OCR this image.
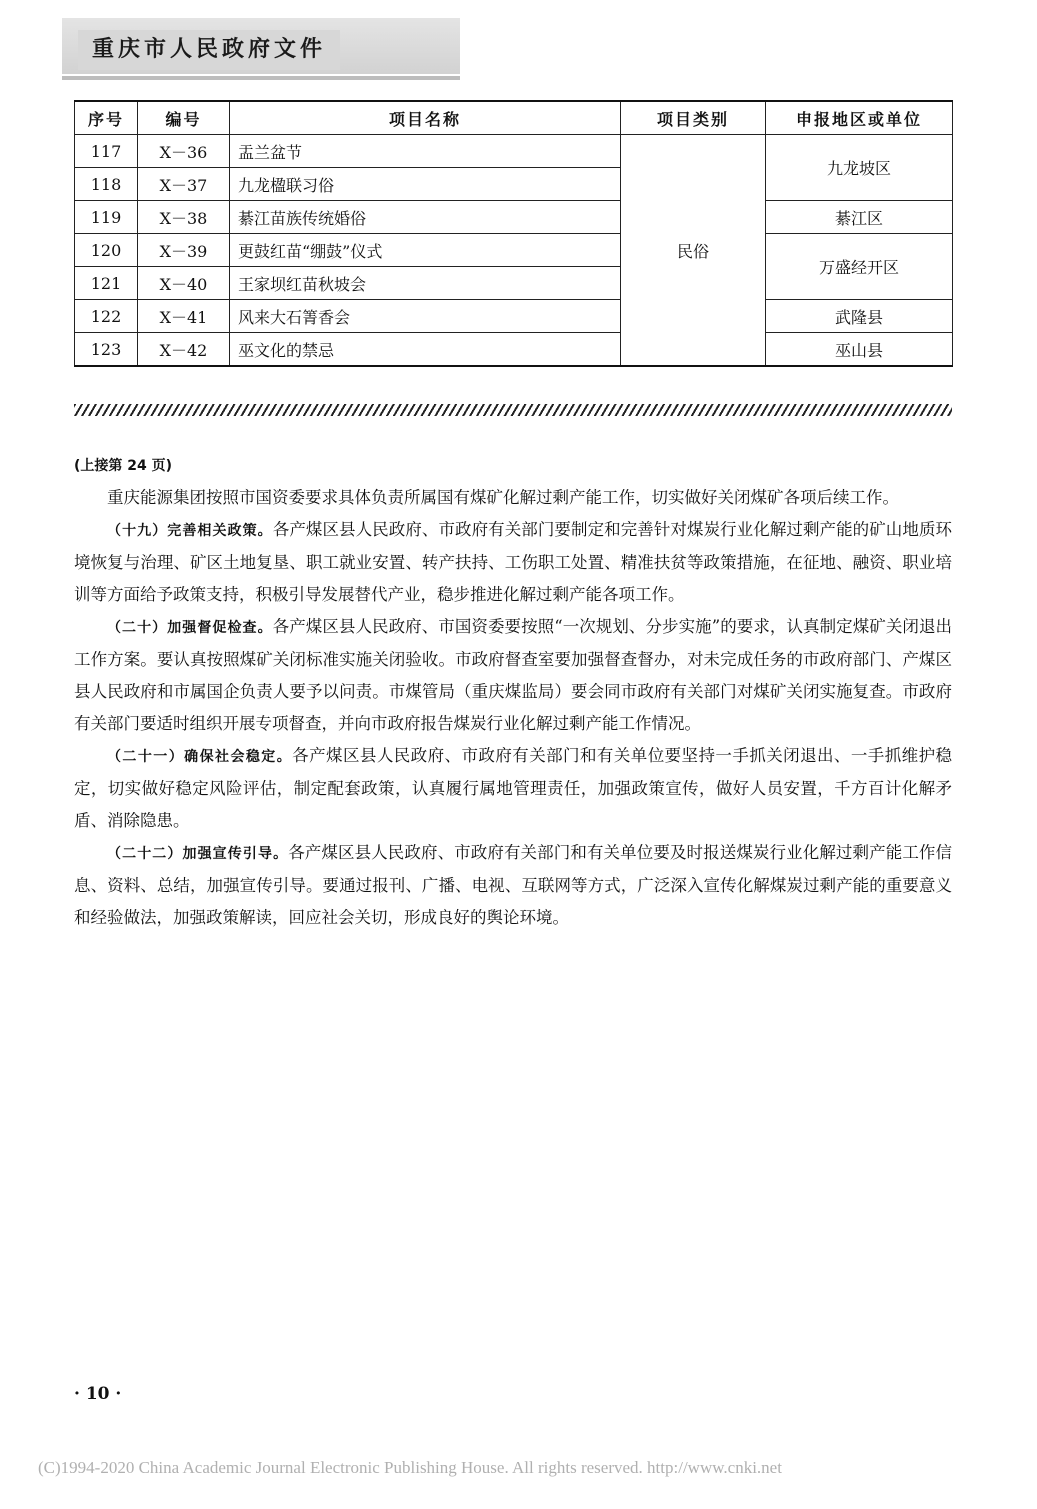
重庆市人民政府文件
序号	编号	项目名称	项目类别	申报地区或单位
117	Ⅹ－36	盂兰盆节	民俗	九龙坡区
118	Ⅹ－37	九龙楹联习俗		
119	Ⅹ－38	綦江苗族传统婚俗		綦江区
120	Ⅹ－39	更鼓红苗“绷鼓”仪式		万盛经开区
121	Ⅹ－40	王家坝红苗秋坡会		
122	Ⅹ－41	风来大石箐香会		武隆县
123	Ⅹ－42	巫文化的禁忌		巫山县

(上接第 24 页)

重庆能源集团按照市国资委要求具体负责所属国有煤矿化解过剩产能工作，切实做好关闭煤矿各项后续工作。

（十九）完善相关政策。各产煤区县人民政府、市政府有关部门要制定和完善针对煤炭行业化解过剩产能的矿山地质环境恢复与治理、矿区土地复垦、职工就业安置、转产扶持、工伤职工处置、精准扶贫等政策措施，在征地、融资、职业培训等方面给予政策支持，积极引导发展替代产业，稳步推进化解过剩产能各项工作。

（二十）加强督促检查。各产煤区县人民政府、市国资委要按照“一次规划、分步实施”的要求，认真制定煤矿关闭退出工作方案。要认真按照煤矿关闭标准实施关闭验收。市政府督查室要加强督查督办，对未完成任务的市政府部门、产煤区县人民政府和市属国企负责人要予以问责。市煤管局（重庆煤监局）要会同市政府有关部门对煤矿关闭实施复查。市政府有关部门要适时组织开展专项督查，并向市政府报告煤炭行业化解过剩产能工作情况。

（二十一）确保社会稳定。各产煤区县人民政府、市政府有关部门和有关单位要坚持一手抓关闭退出、一手抓维护稳定，切实做好稳定风险评估，制定配套政策，认真履行属地管理责任，加强政策宣传，做好人员安置，千方百计化解矛盾、消除隐患。

（二十二）加强宣传引导。各产煤区县人民政府、市政府有关部门和有关单位要及时报送煤炭行业化解过剩产能工作信息、资料、总结，加强宣传引导。要通过报刊、广播、电视、互联网等方式，广泛深入宣传化解煤炭过剩产能的重要意义和经验做法，加强政策解读，回应社会关切，形成良好的舆论环境。

· 10 ·
(C)1994-2020 China Academic Journal Electronic Publishing House. All rights reserved. http://www.cnki.net
